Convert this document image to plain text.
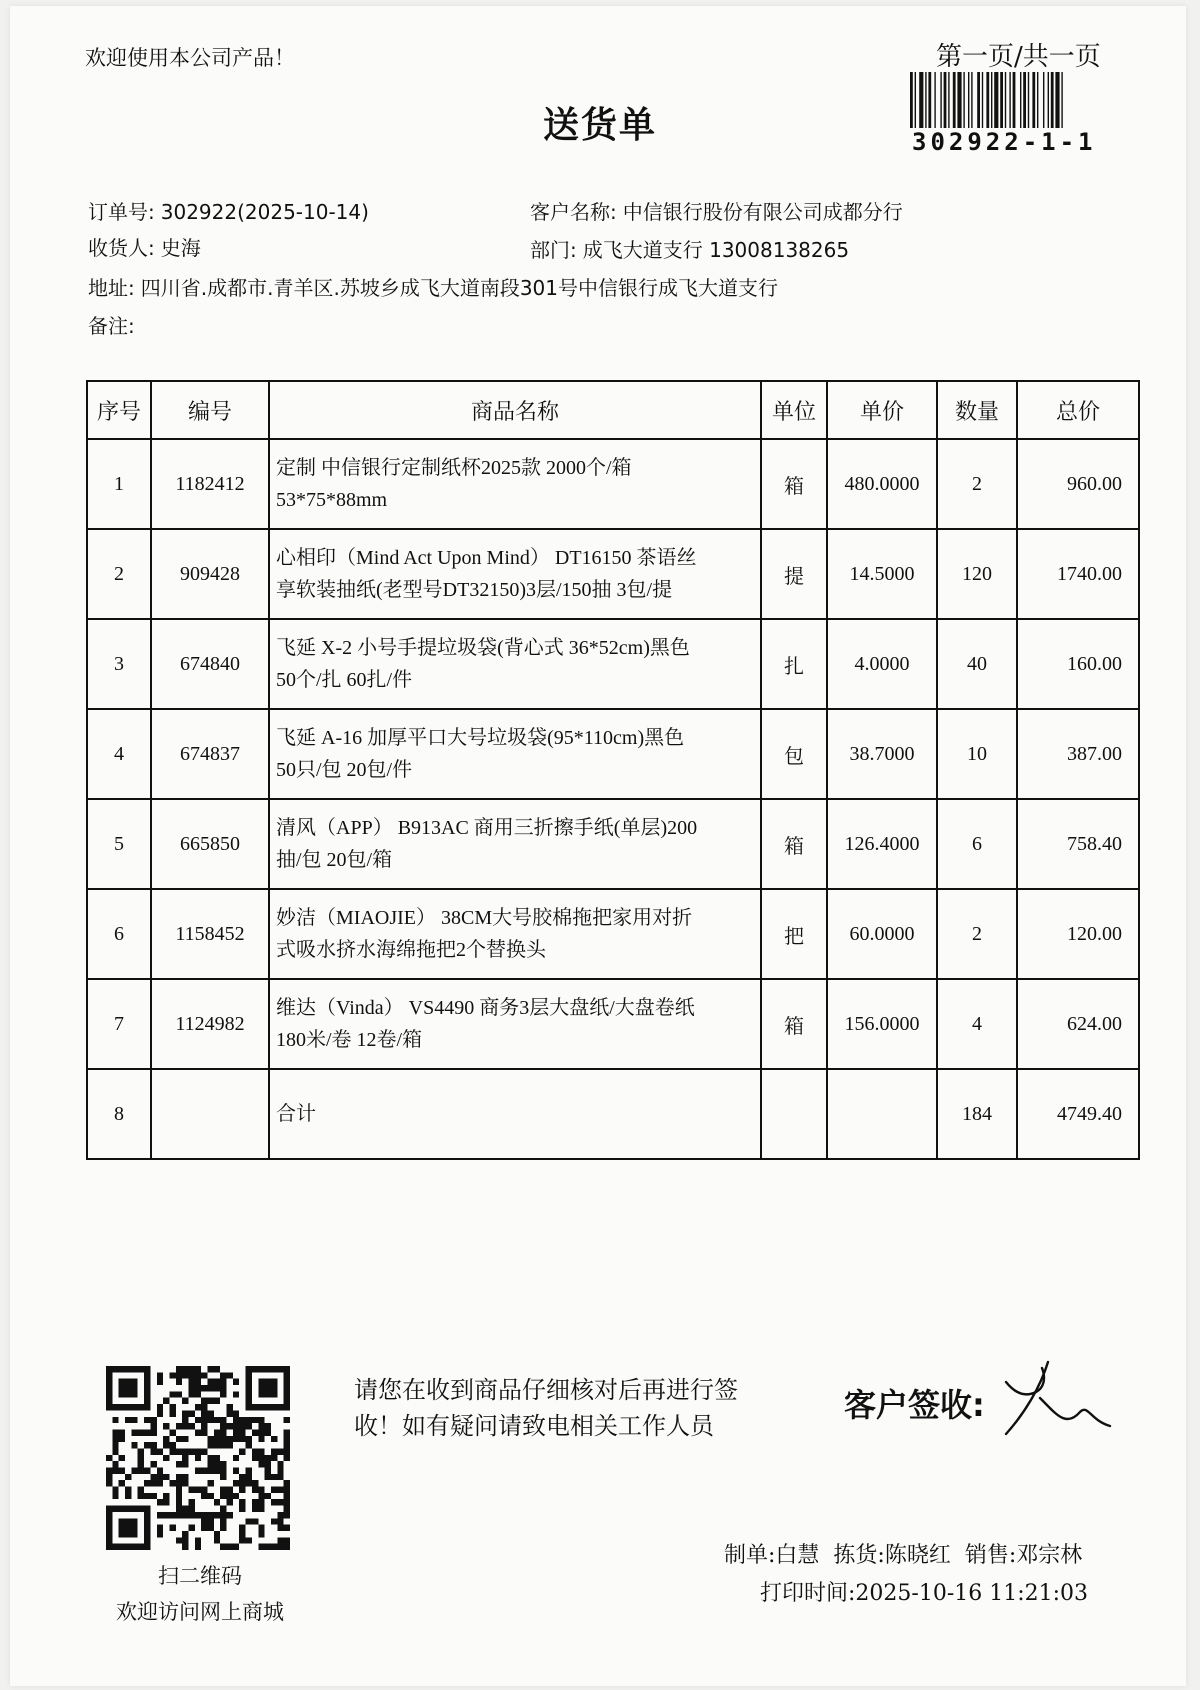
欢迎使用本公司产品！	第一页/共一页
302922-1-1
送货单
订单号: 302922(2025-10-14)	客户名称: 中信银行股份有限公司成都分行
收货人: 史海	部门: 成飞大道支行 13008138265
地址: 四川省.成都市.青羊区.苏坡乡成飞大道南段301号中信银行成飞大道支行
备注:
序号	编号	商品名称	单位	单价	数量	总价
1	1182412	定制 中信银行定制纸杯2025款 2000个/箱
53*75*88mm	箱	480.0000	2	960.00
2	909428	心相印（Mind Act Upon Mind） DT16150 茶语丝
享软装抽纸(老型号DT32150)3层/150抽 3包/提	提	14.5000	120	1740.00
3	674840	飞延 X-2 小号手提垃圾袋(背心式 36*52cm)黑色
50个/扎 60扎/件	扎	4.0000	40	160.00
4	674837	飞延 A-16 加厚平口大号垃圾袋(95*110cm)黑色
50只/包 20包/件	包	38.7000	10	387.00
5	665850	清风（APP） B913AC 商用三折擦手纸(单层)200
抽/包 20包/箱	箱	126.4000	6	758.40
6	1158452	妙洁（MIAOJIE） 38CM大号胶棉拖把家用对折
式吸水挤水海绵拖把2个替换头	把	60.0000	2	120.00
7	1124982	维达（Vinda） VS4490 商务3层大盘纸/大盘卷纸
180米/卷 12卷/箱	箱	156.0000	4	624.00
8		合计			184	4749.40
扫二维码
欢迎访问网上商城
请您在收到商品仔细核对后再进行签
收！如有疑问请致电相关工作人员
客户签收:
制单:白慧 拣货:陈晓红 销售:邓宗林
打印时间:2025-10-16 11:21:03
